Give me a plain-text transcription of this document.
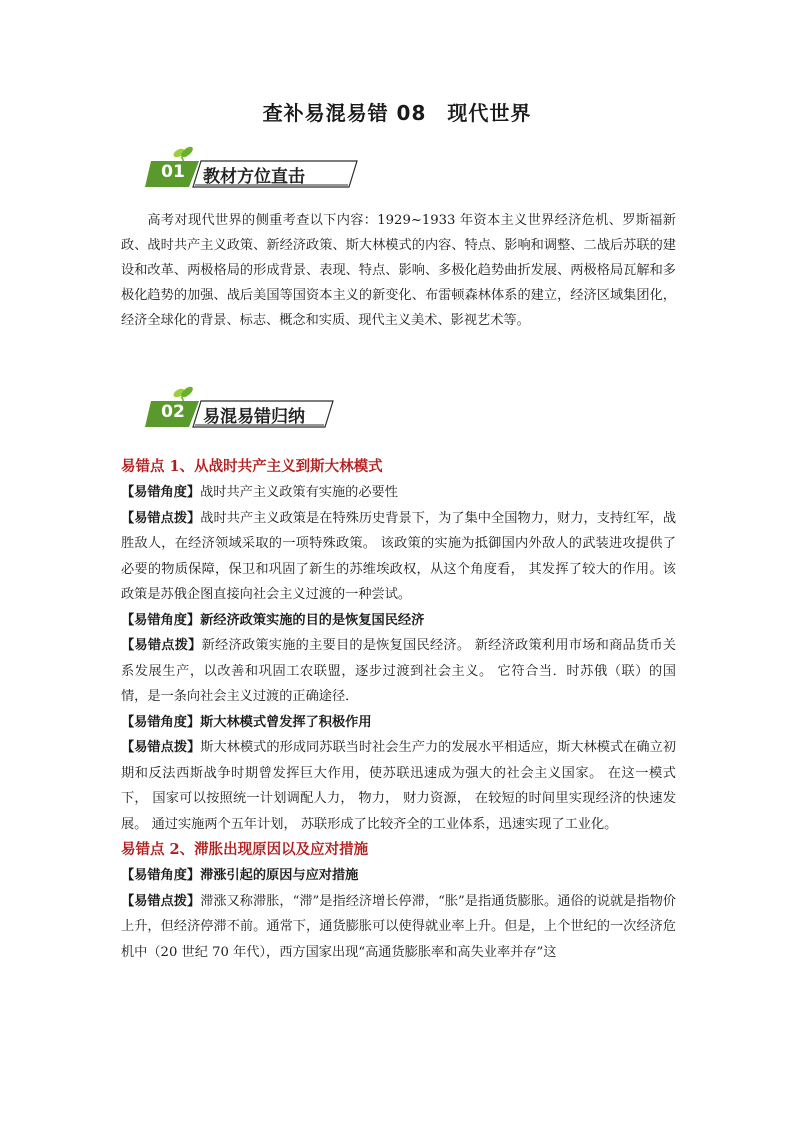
查补易混易错 08　现代世界
01	教材方位直击

高考对现代世界的侧重考查以下内容：1929~1933 年资本主义世界经济危机、罗斯福新政、战时共产主义政策、新经济政策、斯大林模式的内容、特点、影响和调整、二战后苏联的建设和改革、两极格局的形成背景、表现、特点、影响、多极化趋势曲折发展、两极格局瓦解和多极化趋势的加强、战后美国等国资本主义的新变化、布雷顿森林体系的建立，经济区域集团化，经济全球化的背景、标志、概念和实质、现代主义美术、影视艺术等。

02	易混易错归纳

易错点 1、从战时共产主义到斯大林模式

【易错角度】战时共产主义政策有实施的必要性

【易错点拨】战时共产主义政策是在特殊历史背景下，为了集中全国物力，财力，支持红军，战胜敌人，在经济领域采取的一项特殊政策。 该政策的实施为抵御国内外敌人的武装进攻提供了必要的物质保障，保卫和巩固了新生的苏维埃政权，从这个角度看， 其发挥了较大的作用。该政策是苏俄企图直接向社会主义过渡的一种尝试。

【易错角度】新经济政策实施的目的是恢复国民经济

【易错点拨】新经济政策实施的主要目的是恢复国民经济。 新经济政策利用市场和商品货币关系发展生产，以改善和巩固工农联盟，逐步过渡到社会主义。 它符合当．时苏俄（联）的国情，是一条向社会主义过渡的正确途径．

【易错角度】斯大林模式曾发挥了积极作用

【易错点拨】斯大林模式的形成同苏联当时社会生产力的发展水平相适应，斯大林模式在确立初期和反法西斯战争时期曾发挥巨大作用，使苏联迅速成为强大的社会主义国家。 在这一模式下， 国家可以按照统一计划调配人力， 物力， 财力资源， 在较短的时间里实现经济的快速发展。 通过实施两个五年计划， 苏联形成了比较齐全的工业体系，迅速实现了工业化。

易错点 2、滞胀出现原因以及应对措施

【易错角度】滞涨引起的原因与应对措施

【易错点拨】滞涨又称滞胀，“滞”是指经济增长停滞，“胀”是指通货膨胀。通俗的说就是指物价上升，但经济停滞不前。通常下，通货膨胀可以使得就业率上升。但是，上个世纪的一次经济危机中（20 世纪 70 年代），西方国家出现“高通货膨胀率和高失业率并存”这
